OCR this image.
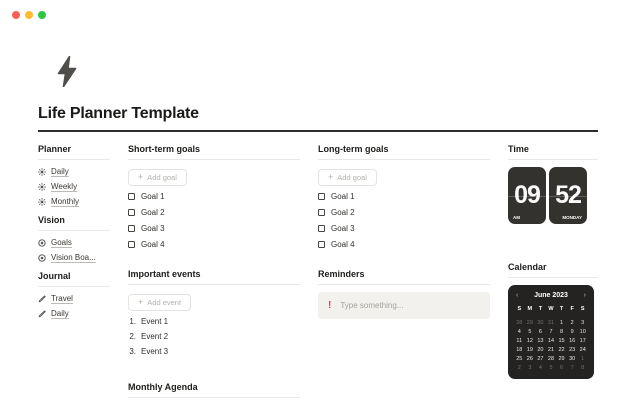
Life Planner Template
Planner
Daily
Weekly
Monthly
Vision
Goals
Vision Boa...
Journal
Travel
Daily
Short-term goals
+ Add goal
Goal 1
Goal 2
Goal 3
Goal 4
Important events
+ Add event
1. Event 1
2. Event 2
3. Event 3
Monthly Agenda
Long-term goals
+ Add goal
Goal 1
Goal 2
Goal 3
Goal 4
Reminders
! Type something...
Time
09
AM
52
MONDAY
Calendar
‹ June 2023 ›
S	M	T	W	T	F	S
28 29 30 31	1	2	3
4	5	6	7	8	9	10
11 12 13 14 15 16 17
18 19 20 21 22 23 24
25 26 27 28 29 30	1
2	3	4	5	6	7	8
